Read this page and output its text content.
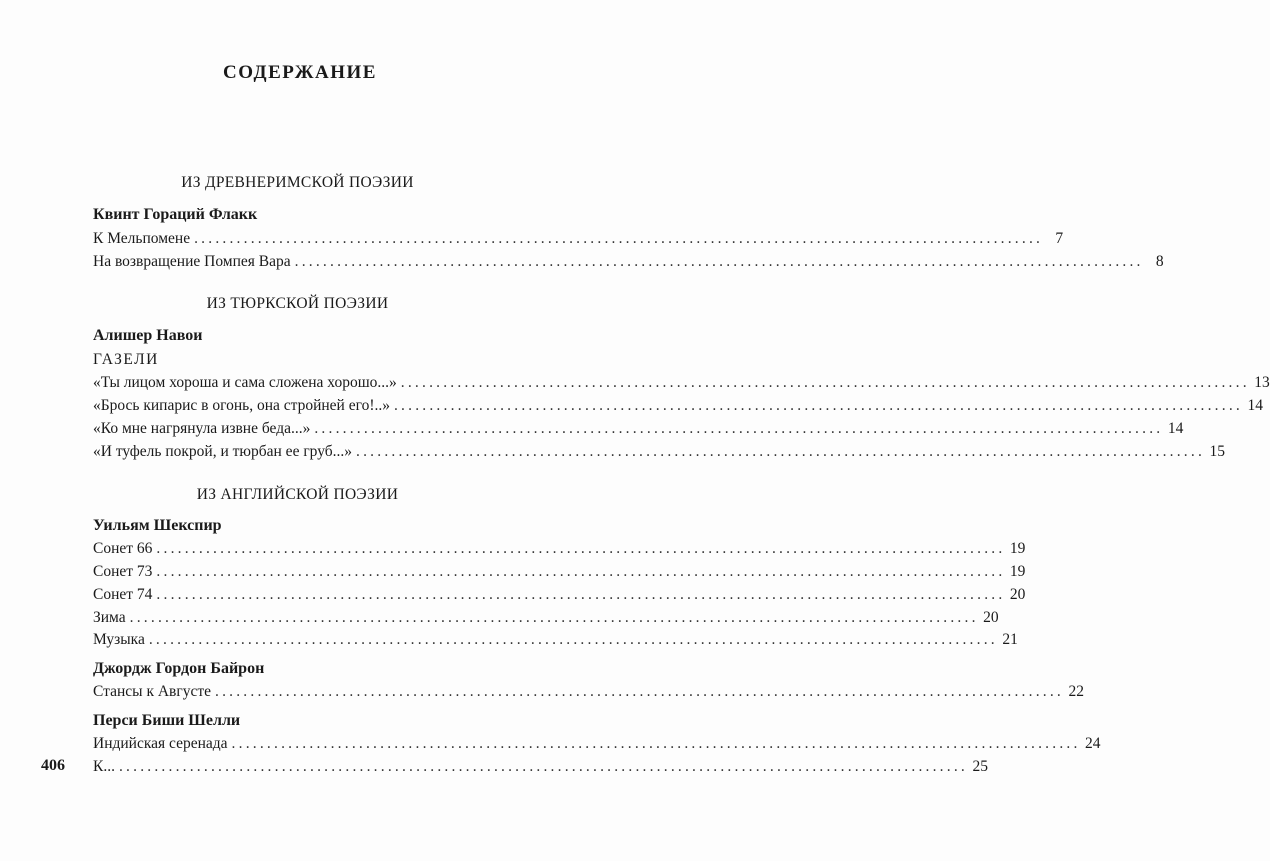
СОДЕРЖАНИЕ
ИЗ ДРЕВНЕРИМСКОЙ ПОЭЗИИ
Квинт Гораций Флакк
К Мельпомене ........................................................................................................................ 7
На возвращение Помпея Вара ........................................................................................................................ 8
ИЗ ТЮРКСКОЙ ПОЭЗИИ
Алишер Навои
ГАЗЕЛИ
«Ты лицом хороша и сама сложена хорошо...» ........................................................................................................................ 13
«Брось кипарис в огонь, она стройней его!..» ........................................................................................................................ 14
«Ко мне нагрянула извне беда...» ........................................................................................................................ 14
«И туфель покрой, и тюрбан ее груб...» ........................................................................................................................ 15
ИЗ АНГЛИЙСКОЙ ПОЭЗИИ
Уильям Шекспир
Сонет 66 ........................................................................................................................ 19
Сонет 73 ........................................................................................................................ 19
Сонет 74 ........................................................................................................................ 20
Зима ........................................................................................................................ 20
Музыка ........................................................................................................................ 21
Джордж Гордон Байрон
Стансы к Августе ........................................................................................................................ 22
Перси Биши Шелли
Индийская серенада ........................................................................................................................ 24
К... ........................................................................................................................ 25
406
